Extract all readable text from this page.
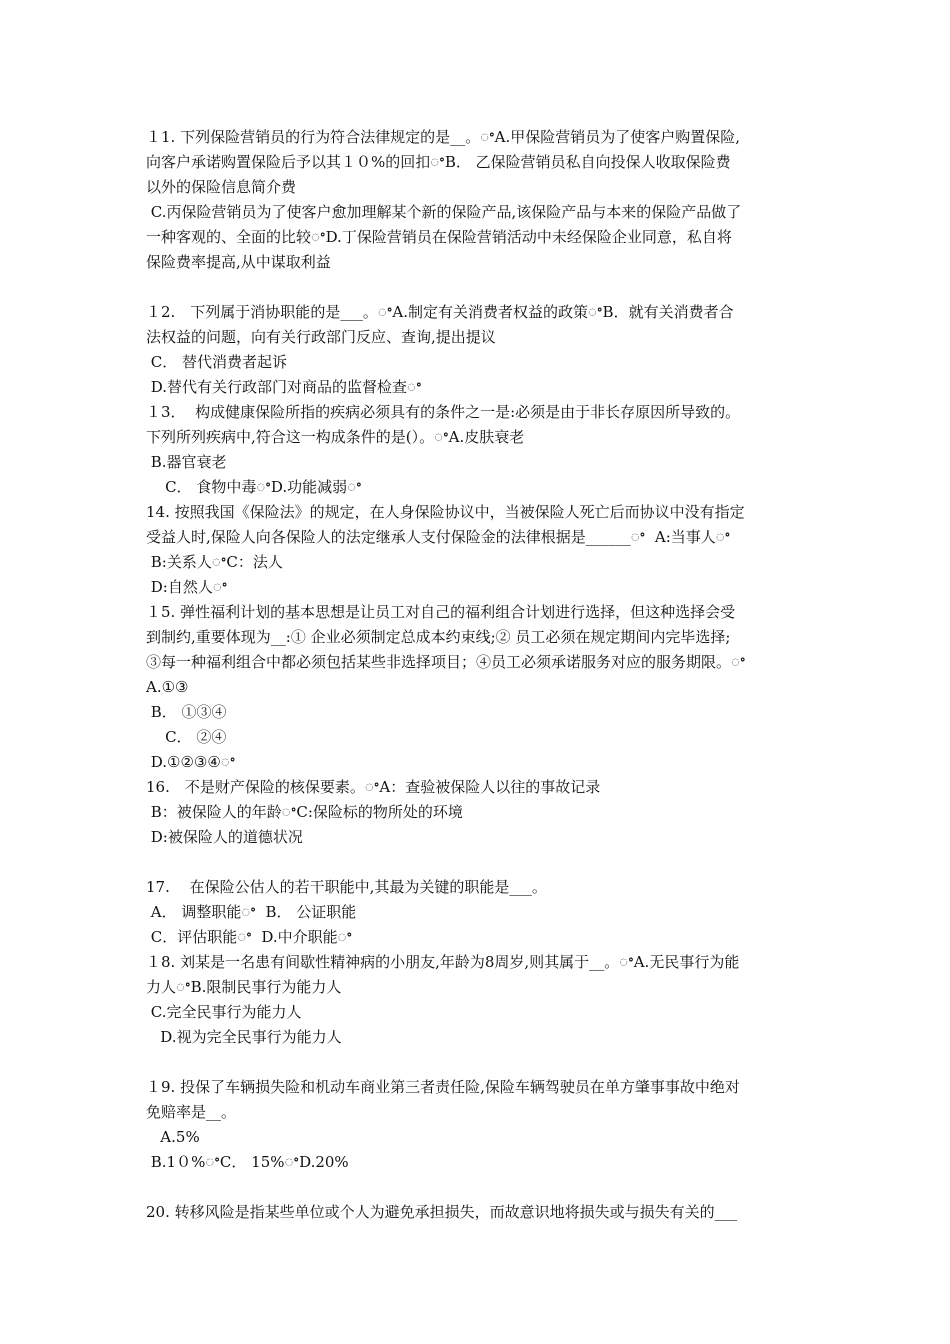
１1. 下列保险营销员的行为符合法律规定的是__。ꢀA.甲保险营销员为了使客户购置保险,
向客户承诺购置保险后予以其１０%的回扣ꢀB． 乙保险营销员私自向投保人收取保险费
以外的保险信息简介费
C.丙保险营销员为了使客户愈加理解某个新的保险产品,该保险产品与本来的保险产品做了
一种客观的、全面的比较ꢀD.丁保险营销员在保险营销活动中未经保险企业同意，私自将
保险费率提高,从中谋取利益
１2.　下列属于消协职能的是___。ꢀA.制定有关消费者权益的政策ꢀB．就有关消费者合
法权益的问题，向有关行政部门反应、查询,提出提议
C． 替代消费者起诉
D.替代有关行政部门对商品的监督检查ꢀ
１3．  构成健康保险所指的疾病必须具有的条件之一是:必须是由于非长存原因所导致的。
下列所列疾病中,符合这一构成条件的是(）。ꢀA.皮肤衰老
B.器官衰老
C． 食物中毒ꢀD.功能减弱ꢀ
14. 按照我国《保险法》的规定，在人身保险协议中，当被保险人死亡后而协议中没有指定
受益人时,保险人向各保险人的法定继承人支付保险金的法律根据是______ꢀ  A:当事人ꢀ
B:关系人ꢀC：法人
D:自然人ꢀ
１5. 弹性福利计划的基本思想是让员工对自己的福利组合计划进行选择，但这种选择会受
到制约,重要体现为__:① 企业必须制定总成本约束线;② 员工必须在规定期间内完毕选择;
③每一种福利组合中都必须包括某些非选择项目；④员工必须承诺服务对应的服务期限。ꢀ
A.①③
B． ①③④
C． ②④
D.①②③④ꢀ
16.　不是财产保险的核保要素。ꢀA：查验被保险人以往的事故记录
B：被保险人的年龄ꢀC:保险标的物所处的环境
D:被保险人的道德状况
17.　 在保险公估人的若干职能中,其最为关键的职能是___。
A． 调整职能ꢀ  B． 公证职能
C．评估职能ꢀ  D.中介职能ꢀ
１8. 刘某是一名患有间歇性精神病的小朋友,年龄为8周岁,则其属于__。ꢀA.无民事行为能
力人ꢀB.限制民事行为能力人
C.完全民事行为能力人
D.视为完全民事行为能力人
１9. 投保了车辆损失险和机动车商业第三者责任险,保险车辆驾驶员在单方肇事事故中绝对
免赔率是__。
A.5%
B.1０%ꢀC． 15%ꢀD.20%
20. 转移风险是指某些单位或个人为避免承担损失，而故意识地将损失或与损失有关的___
